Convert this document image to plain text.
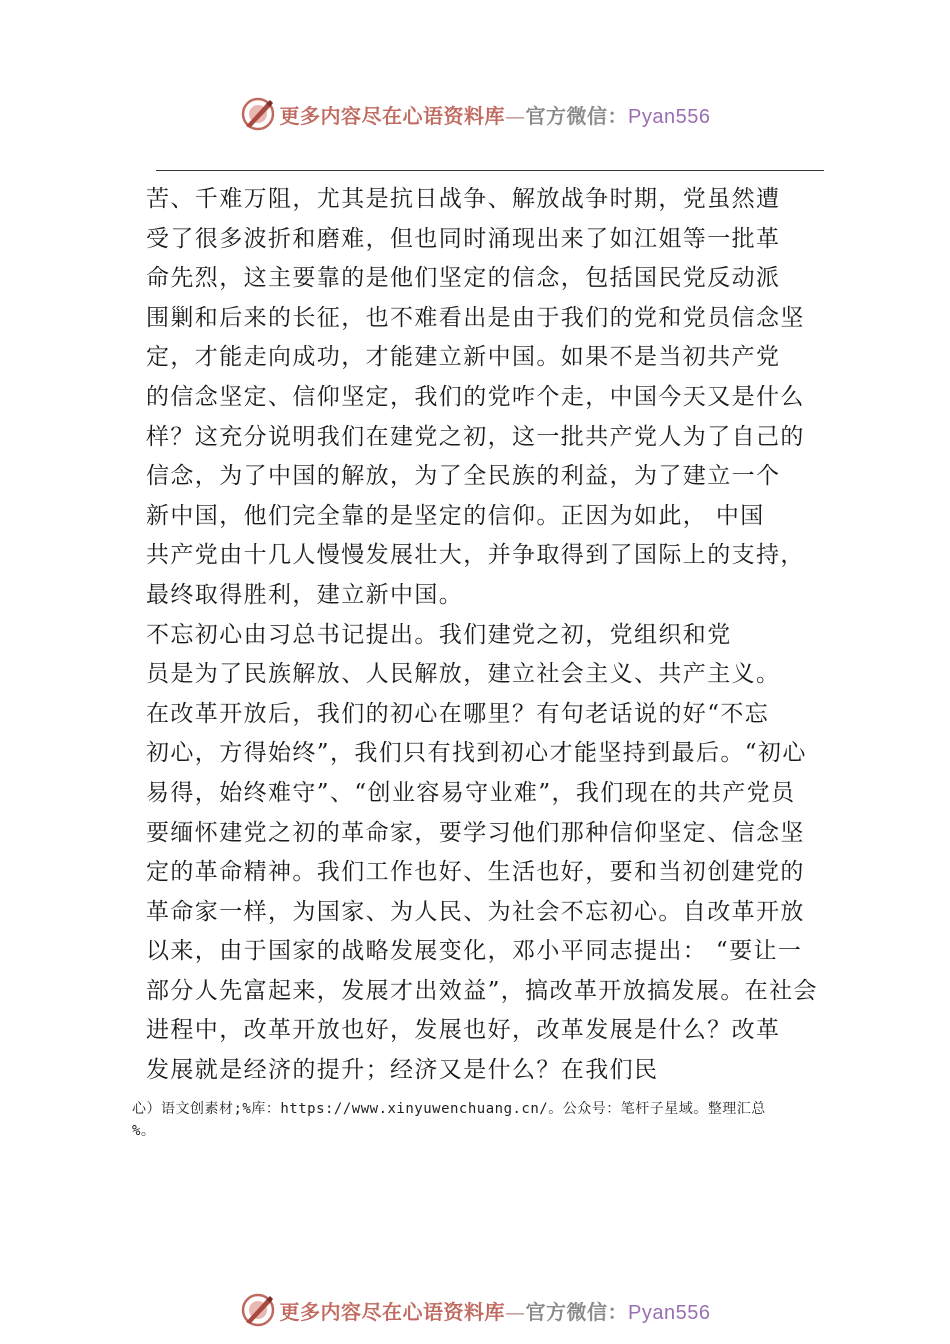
更多内容尽在心语资料库—官方微信：Pyan556
苦、千难万阻，尤其是抗日战争、解放战争时期，党虽然遭
受了很多波折和磨难，但也同时涌现出来了如江姐等一批革
命先烈，这主要靠的是他们坚定的信念，包括国民党反动派
围剿和后来的长征，也不难看出是由于我们的党和党员信念坚
定，才能走向成功，才能建立新中国。如果不是当初共产党
的信念坚定、信仰坚定，我们的党咋个走，中国今天又是什么
样？这充分说明我们在建党之初，这一批共产党人为了自己的
信念，为了中国的解放，为了全民族的利益，为了建立一个
新中国，他们完全靠的是坚定的信仰。正因为如此， 中国
共产党由十几人慢慢发展壮大，并争取得到了国际上的支持，
最终取得胜利，建立新中国。
不忘初心由习总书记提出。我们建党之初，党组织和党
员是为了民族解放、人民解放，建立社会主义、共产主义。
在改革开放后，我们的初心在哪里？有句老话说的好“不忘
初心，方得始终”，我们只有找到初心才能坚持到最后。“初心
易得，始终难守”、“创业容易守业难”，我们现在的共产党员
要缅怀建党之初的革命家，要学习他们那种信仰坚定、信念坚
定的革命精神。我们工作也好、生活也好，要和当初创建党的
革命家一样，为国家、为人民、为社会不忘初心。自改革开放
以来，由于国家的战略发展变化，邓小平同志提出： “要让一
部分人先富起来，发展才出效益”，搞改革开放搞发展。在社会
进程中，改革开放也好，发展也好，改革发展是什么？改革
发展就是经济的提升；经济又是什么？在我们民
心）语文创素材;%库：https://www.xinyuwenchuang.cn/。公众号：笔杆子星域。整理汇总
%。
更多内容尽在心语资料库—官方微信：Pyan556
